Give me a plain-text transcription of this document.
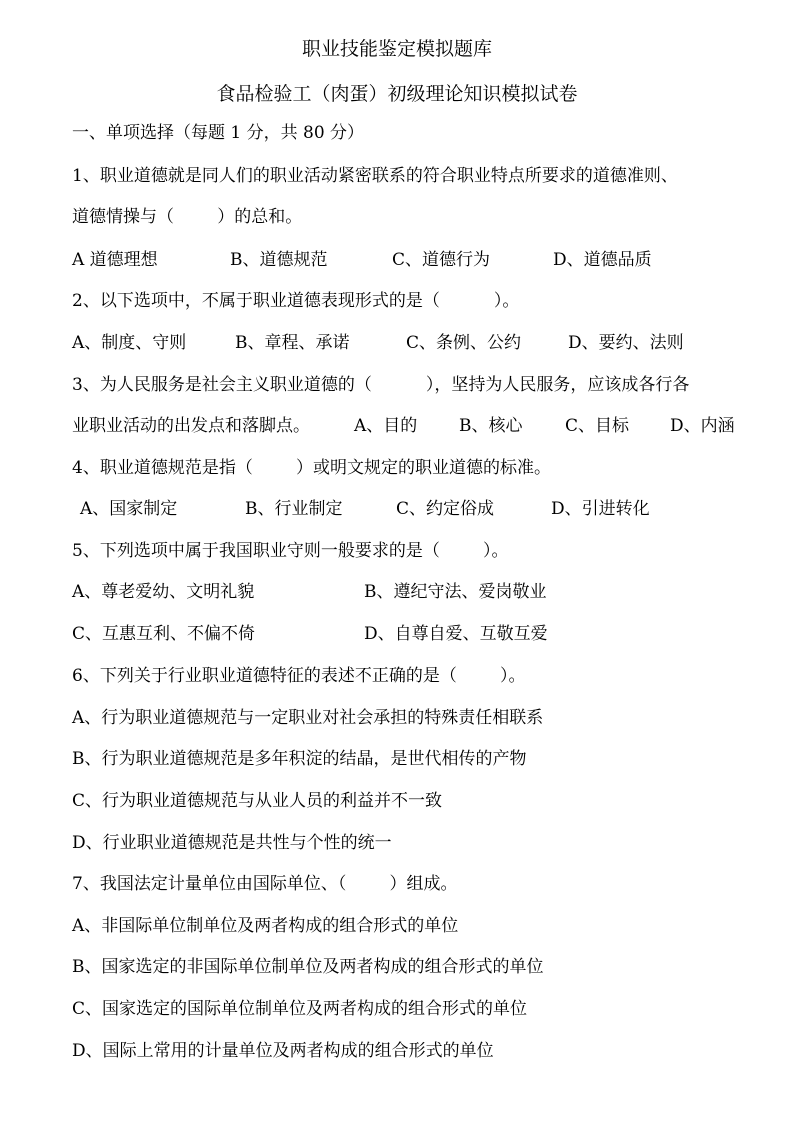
职业技能鉴定模拟题库
食品检验工（肉蛋）初级理论知识模拟试卷
一、单项选择（每题 1 分，共 80 分）
1、职业道德就是同人们的职业活动紧密联系的符合职业特点所要求的道德准则、
道德情操与（        ）的总和。
A 道德理想	B、道德规范	C、道德行为	D、道德品质
2、以下选项中，不属于职业道德表现形式的是（          ）。
A、制度、守则	B、章程、承诺	C、条例、公约	D、要约、法则
3、为人民服务是社会主义职业道德的（          ），坚持为人民服务，应该成各行各
业职业活动的出发点和落脚点。	A、目的 B、核心	C、目标 D、内涵
4、职业道德规范是指（        ）或明文规定的职业道德的标准。
A、国家制定	B、行业制定	C、约定俗成	D、引进转化
5、下列选项中属于我国职业守则一般要求的是（        ）。
A、尊老爱幼、文明礼貌	B、遵纪守法、爱岗敬业
C、互惠互利、不偏不倚	D、自尊自爱、互敬互爱
6、下列关于行业职业道德特征的表述不正确的是（        ）。
A、行为职业道德规范与一定职业对社会承担的特殊责任相联系
B、行为职业道德规范是多年积淀的结晶，是世代相传的产物
C、行为职业道德规范与从业人员的利益并不一致
D、行业职业道德规范是共性与个性的统一
7、我国法定计量单位由国际单位、（        ）组成。
A、非国际单位制单位及两者构成的组合形式的单位
B、国家选定的非国际单位制单位及两者构成的组合形式的单位
C、国家选定的国际单位制单位及两者构成的组合形式的单位
D、国际上常用的计量单位及两者构成的组合形式的单位
